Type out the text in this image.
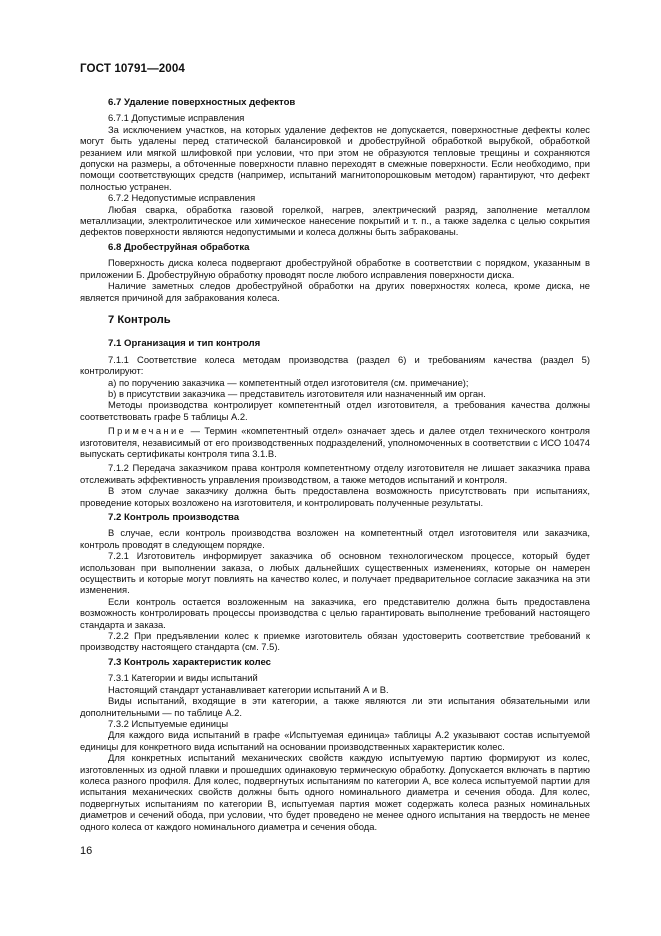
ГОСТ 10791—2004
6.7 Удаление поверхностных дефектов

6.7.1 Допустимые исправления

За исключением участков, на которых удаление дефектов не допускается, поверхностные дефекты колес могут быть удалены перед статической балансировкой и дробеструйной обработкой вырубкой, обработкой резанием или мягкой шлифовкой при условии, что при этом не образуются тепловые трещины и сохраняются допуски на размеры, а обточенные поверхности плавно переходят в смежные поверхности. Если необходимо, при помощи соответствующих средств (например, испытаний магнитопорошковым методом) гарантируют, что дефект полностью устранен.

6.7.2 Недопустимые исправления

Любая сварка, обработка газовой горелкой, нагрев, электрический разряд, заполнение металлом металлизации, электролитическое или химическое нанесение покрытий и т. п., а также заделка с целью сокрытия дефектов поверхности являются недопустимыми и колеса должны быть забракованы.

6.8 Дробеструйная обработка

Поверхность диска колеса подвергают дробеструйной обработке в соответствии с порядком, указанным в приложении Б. Дробеструйную обработку проводят после любого исправления поверхности диска.

Наличие заметных следов дробеструйной обработки на других поверхностях колеса, кроме диска, не является причиной для забракования колеса.

7 Контроль
7.1 Организация и тип контроля

7.1.1 Соответствие колеса методам производства (раздел 6) и требованиям качества (раздел 5) контролируют:

а) по поручению заказчика — компетентный отдел изготовителя (см. примечание);

b) в присутствии заказчика — представитель изготовителя или назначенный им орган.

Методы производства контролирует компетентный отдел изготовителя, а требования качества должны соответствовать графе 5 таблицы А.2.

Примечание — Термин «компетентный отдел» означает здесь и далее отдел технического контроля изготовителя, независимый от его производственных подразделений, уполномоченных в соответствии с ИСО 10474 выпускать сертификаты контроля типа 3.1.В.

7.1.2 Передача заказчиком права контроля компетентному отделу изготовителя не лишает заказчика права отслеживать эффективность управления производством, а также методов испытаний и контроля.

В этом случае заказчику должна быть предоставлена возможность присутствовать при испытаниях, проведение которых возложено на изготовителя, и контролировать полученные результаты.

7.2 Контроль производства

В случае, если контроль производства возложен на компетентный отдел изготовителя или заказчика, контроль проводят в следующем порядке.

7.2.1 Изготовитель информирует заказчика об основном технологическом процессе, который будет использован при выполнении заказа, о любых дальнейших существенных изменениях, которые он намерен осуществить и которые могут повлиять на качество колес, и получает предварительное согласие заказчика на эти изменения.

Если контроль остается возложенным на заказчика, его представителю должна быть предоставлена возможность контролировать процессы производства с целью гарантировать выполнение требований настоящего стандарта и заказа.

7.2.2 При предъявлении колес к приемке изготовитель обязан удостоверить соответствие требований к производству настоящего стандарта (см. 7.5).

7.3 Контроль характеристик колес

7.3.1 Категории и виды испытаний

Настоящий стандарт устанавливает категории испытаний А и В.

Виды испытаний, входящие в эти категории, а также являются ли эти испытания обязательными или дополнительными — по таблице А.2.

7.3.2 Испытуемые единицы

Для каждого вида испытаний в графе «Испытуемая единица» таблицы А.2 указывают состав испытуемой единицы для конкретного вида испытаний на основании производственных характеристик колес.

Для конкретных испытаний механических свойств каждую испытуемую партию формируют из колес, изготовленных из одной плавки и прошедших одинаковую термическую обработку. Допускается включать в партию колеса разного профиля. Для колес, подвергнутых испытаниям по категории А, все колеса испытуемой партии для испытания механических свойств должны быть одного номинального диаметра и сечения обода. Для колес, подвергнутых испытаниям по категории В, испытуемая партия может содержать колеса разных номинальных диаметров и сечений обода, при условии, что будет проведено не менее одного испытания на твердость не менее одного колеса от каждого номинального диаметра и сечения обода.

16
